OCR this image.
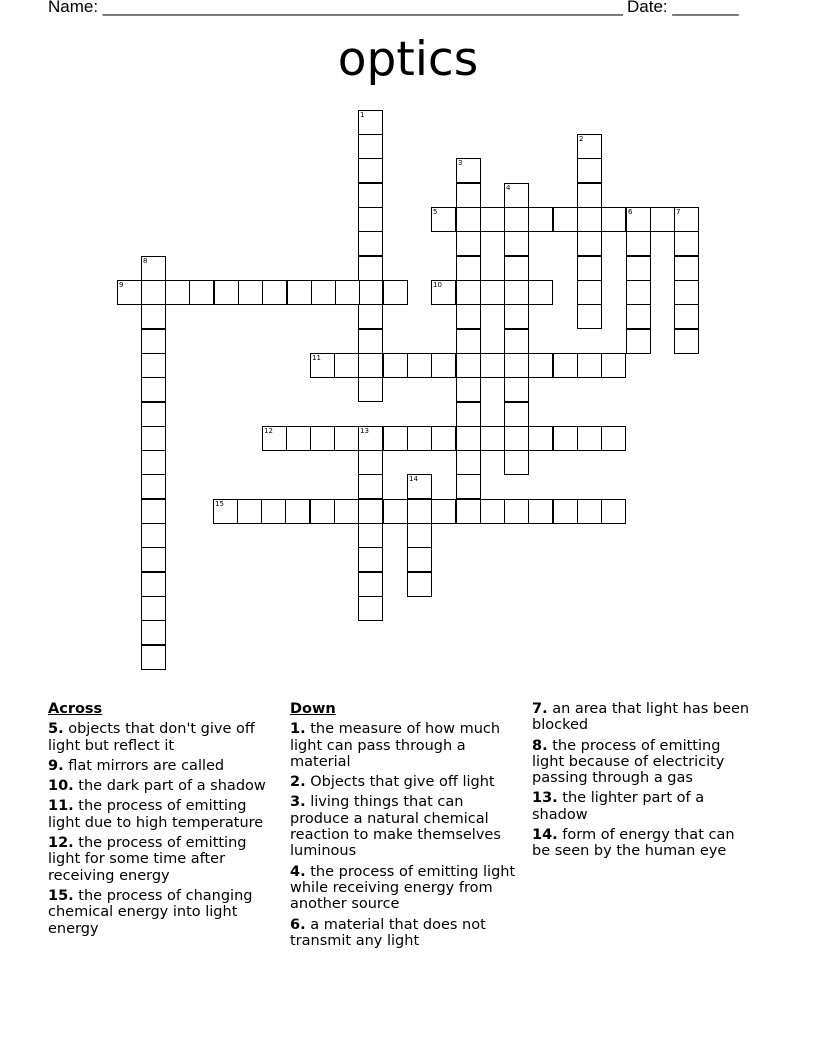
Name: _______________________________________________________ Date: _______
optics
1
2
3
4
5	6	7
8
9	10
11
12	13
14
15
Across
5. objects that don't give off light but reflect it
9. flat mirrors are called
10. the dark part of a shadow
11. the process of emitting light due to high temperature
12. the process of emitting light for some time after receiving energy
15. the process of changing chemical energy into light energy
Down
1. the measure of how much light can pass through a material
2. Objects that give off light
3. living things that can produce a natural chemical reaction to make themselves luminous
4. the process of emitting light while receiving energy from another source
6. a material that does not transmit any light
7. an area that light has been blocked
8. the process of emitting light because of electricity passing through a gas
13. the lighter part of a shadow
14. form of energy that can be seen by the human eye
